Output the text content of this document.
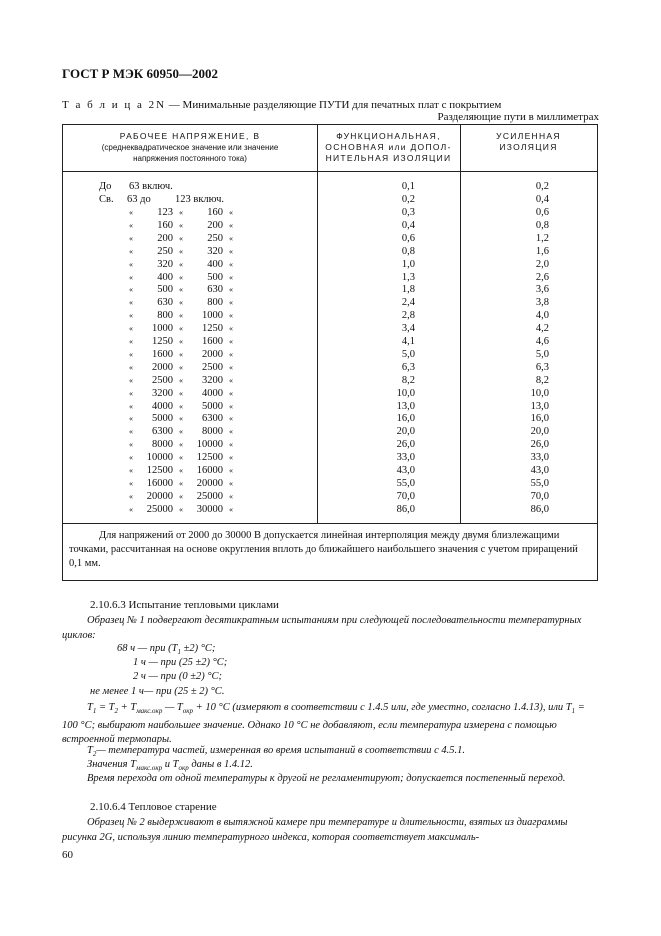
ГОСТ Р МЭК 60950—2002
Т а б л и ц а 2N — Минимальные разделяющие ПУТИ для печатных плат с покрытием
Разделяющие пути в миллиметрах
РАБОЧЕЕ НАПРЯЖЕНИЕ, В
(среднеквадратическое значение или значение
напряжения постоянного тока)
ФУНКЦИОНАЛЬНАЯ,
ОСНОВНАЯ или ДОПОЛ-
НИТЕЛЬНАЯ ИЗОЛЯЦИИ
УСИЛЕННАЯ
ИЗОЛЯЦИЯ
До 63 включ.	0,1	0,2
Св. 63 до 123 включ.	0,2	0,4
«	123 «	160 «	0,3	0,6
«	160 «	200 «	0,4	0,8
«	200 «	250 «	0,6	1,2
«	250 «	320 «	0,8	1,6
«	320 «	400 «	1,0	2,0
«	400 «	500 «	1,3	2,6
«	500 «	630 «	1,8	3,6
«	630 «	800 «	2,4	3,8
«	800 «	1000 «	2,8	4,0
«	1000 «	1250 «	3,4	4,2
«	1250 «	1600 «	4,1	4,6
«	1600 «	2000 «	5,0	5,0
«	2000 «	2500 «	6,3	6,3
«	2500 «	3200 «	8,2	8,2
«	3200 «	4000 «	10,0	10,0
«	4000 «	5000 «	13,0	13,0
«	5000 «	6300 «	16,0	16,0
«	6300 «	8000 «	20,0	20,0
«	8000 «	10000 «	26,0	26,0
«	10000 «	12500 «	33,0	33,0
«	12500 «	16000 «	43,0	43,0
«	16000 «	20000 «	55,0	55,0
«	20000 «	25000 «	70,0	70,0
«	25000 «	30000 «	86,0	86,0
Для напряжений от 2000 до 30000 В допускается линейная интерполяция между двумя близлежащими точками, рассчитанная на основе округления вплоть до ближайшего наибольшего значения с учетом приращений 0,1 мм.
2.10.6.3 Испытание тепловыми циклами
Образец № 1 подвергают десятикратным испытаниям при следующей последовательности температурных циклов:
68 ч — при $(T_1 \pm 2)$ °С;
1 ч — при (25 ±2) °С;
2 ч — при (0 ±2) °С;
не менее 1 ч— при (25 ± 2) °С.
$T_1 = T_2 + T_{макс.окр}$ — $T_{окр} + 10$ °С (измеряют в соответствии с 1.4.5 или, где уместно, согласно 1.4.13), или $T_1 = 100$ °С; выбирают наибольшее значение. Однако 10 °С не добавляют, если температура измерена с помощью встроенной термопары.
$T_2—$ температура частей, измеренная во время испытаний в соответствии с 4.5.1.
Значения $T_{макс.окр}$ и $T_{окр}$ даны в 1.4.12.
Время перехода от одной температуры к другой не регламентируют; допускается постепенный переход.
2.10.6.4 Тепловое старение
Образец № 2 выдерживают в вытяжной камере при температуре и длительности, взятых из диаграммы рисунка 2G, используя линию температурного индекса, которая соответствует максималь-
60
